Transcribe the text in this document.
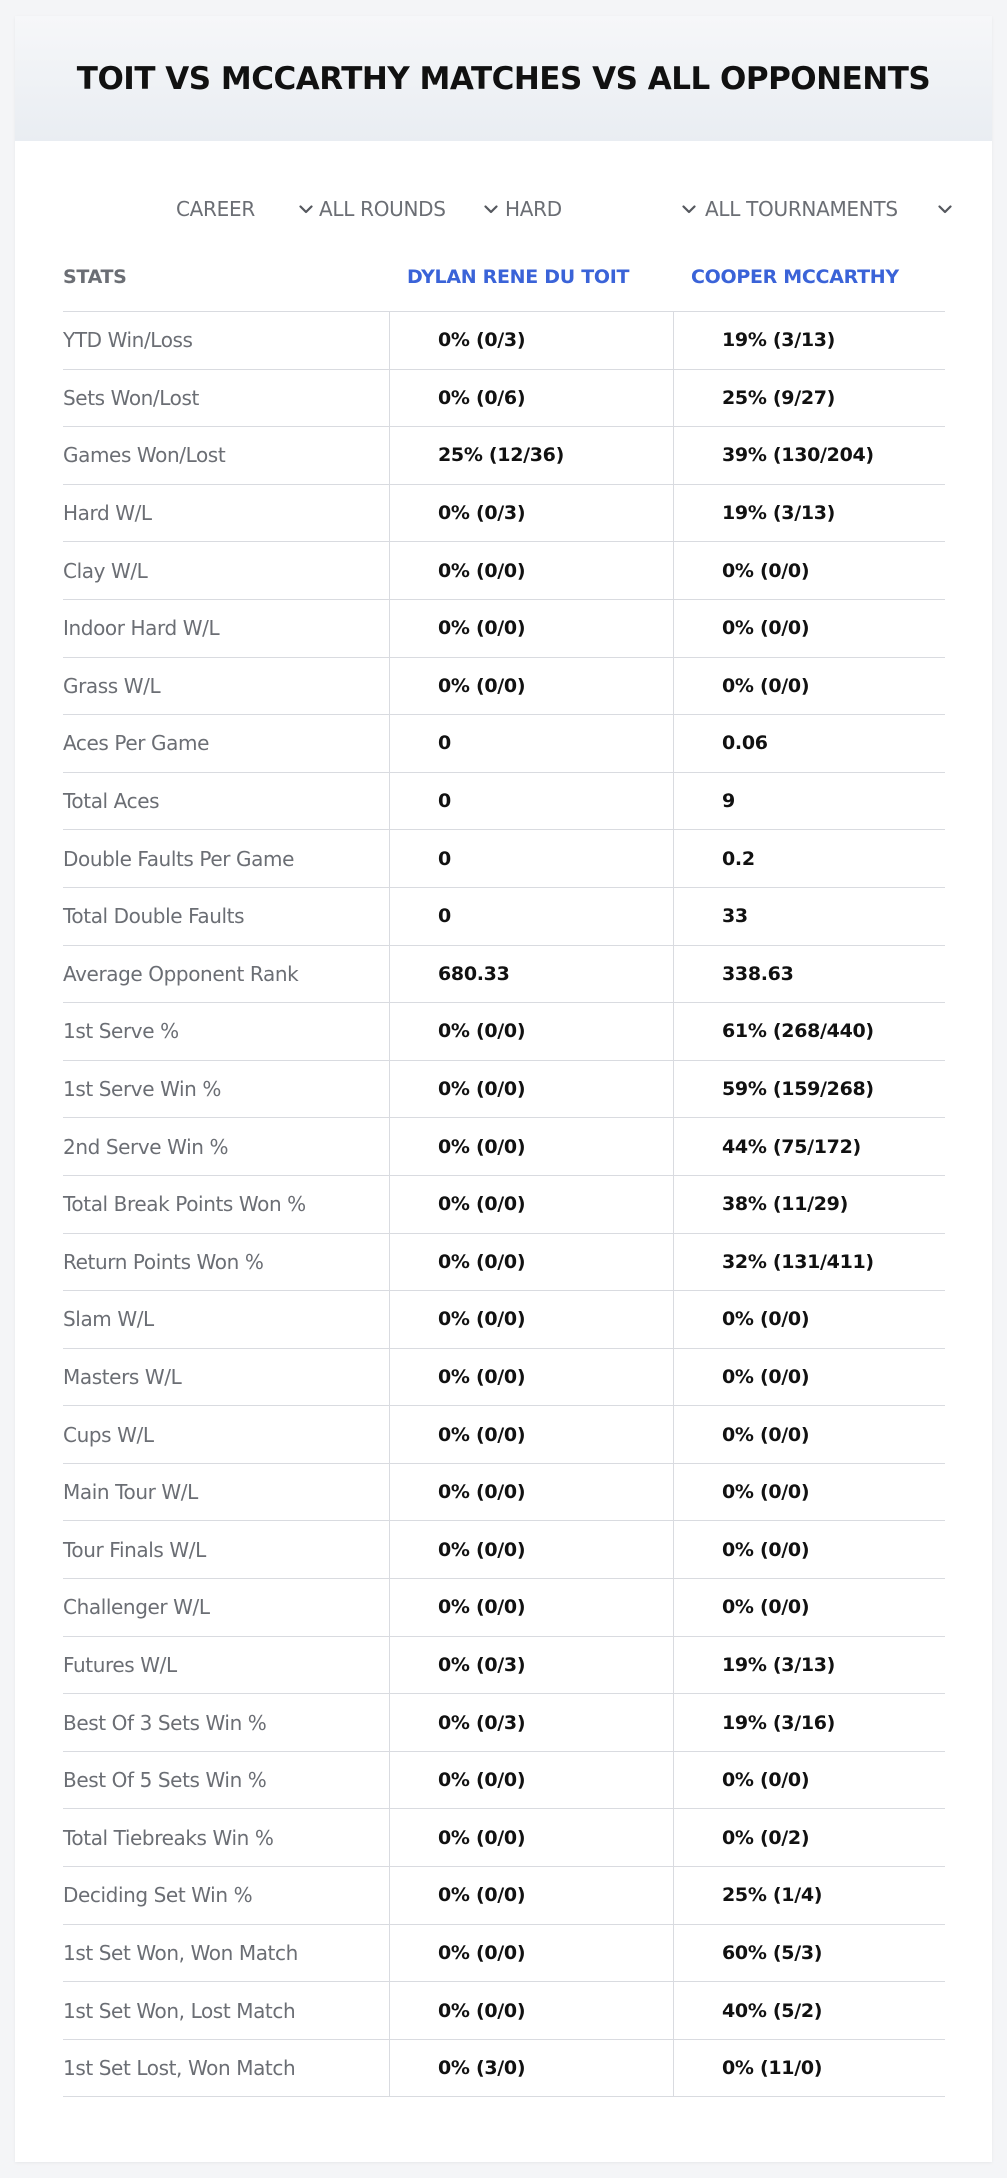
TOIT VS MCCARTHY MATCHES VS ALL OPPONENTS
CAREER	ALL ROUNDS	HARD	ALL TOURNAMENTS
STATS	DYLAN RENE DU TOIT	COOPER MCCARTHY
YTD Win/Loss	0% (0/3)	19% (3/13)
Sets Won/Lost	0% (0/6)	25% (9/27)
Games Won/Lost	25% (12/36)	39% (130/204)
Hard W/L	0% (0/3)	19% (3/13)
Clay W/L	0% (0/0)	0% (0/0)
Indoor Hard W/L	0% (0/0)	0% (0/0)
Grass W/L	0% (0/0)	0% (0/0)
Aces Per Game	0	0.06
Total Aces	0	9
Double Faults Per Game	0	0.2
Total Double Faults	0	33
Average Opponent Rank	680.33	338.63
1st Serve %	0% (0/0)	61% (268/440)
1st Serve Win %	0% (0/0)	59% (159/268)
2nd Serve Win %	0% (0/0)	44% (75/172)
Total Break Points Won %	0% (0/0)	38% (11/29)
Return Points Won %	0% (0/0)	32% (131/411)
Slam W/L	0% (0/0)	0% (0/0)
Masters W/L	0% (0/0)	0% (0/0)
Cups W/L	0% (0/0)	0% (0/0)
Main Tour W/L	0% (0/0)	0% (0/0)
Tour Finals W/L	0% (0/0)	0% (0/0)
Challenger W/L	0% (0/0)	0% (0/0)
Futures W/L	0% (0/3)	19% (3/13)
Best Of 3 Sets Win %	0% (0/3)	19% (3/16)
Best Of 5 Sets Win %	0% (0/0)	0% (0/0)
Total Tiebreaks Win %	0% (0/0)	0% (0/2)
Deciding Set Win %	0% (0/0)	25% (1/4)
1st Set Won, Won Match	0% (0/0)	60% (5/3)
1st Set Won, Lost Match	0% (0/0)	40% (5/2)
1st Set Lost, Won Match	0% (3/0)	0% (11/0)
